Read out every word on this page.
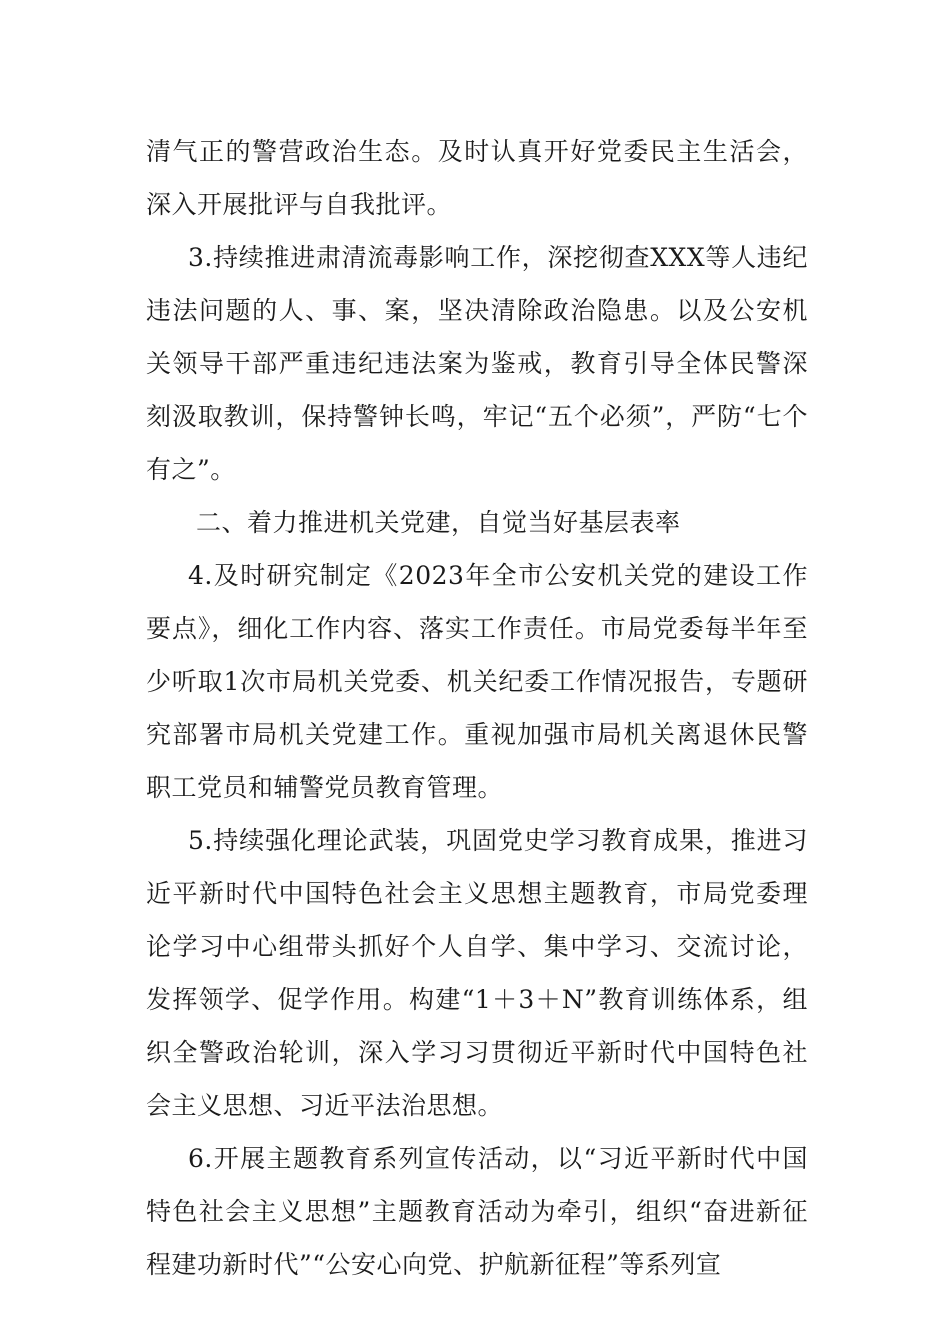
清气正的警营政治生态。及时认真开好党委民主生活会，深入开展批评与自我批评。

3.持续推进肃清流毒影响工作，深挖彻查XXX等人违纪违法问题的人、事、案，坚决清除政治隐患。以及公安机关领导干部严重违纪违法案为鉴戒，教育引导全体民警深刻汲取教训，保持警钟长鸣，牢记“五个必须”，严防“七个有之”。

二、着力推进机关党建，自觉当好基层表率

4.及时研究制定《2023年全市公安机关党的建设工作要点》，细化工作内容、落实工作责任。市局党委每半年至少听取1次市局机关党委、机关纪委工作情况报告，专题研究部署市局机关党建工作。重视加强市局机关离退休民警职工党员和辅警党员教育管理。

5.持续强化理论武装，巩固党史学习教育成果，推进习近平新时代中国特色社会主义思想主题教育，市局党委理论学习中心组带头抓好个人自学、集中学习、交流讨论，发挥领学、促学作用。构建“1＋3＋N”教育训练体系，组织全警政治轮训，深入学习习贯彻近平新时代中国特色社会主义思想、习近平法治思想。

6.开展主题教育系列宣传活动，以“习近平新时代中国特色社会主义思想”主题教育活动为牵引，组织“奋进新征程建功新时代”“公安心向党、护航新征程”等系列宣
